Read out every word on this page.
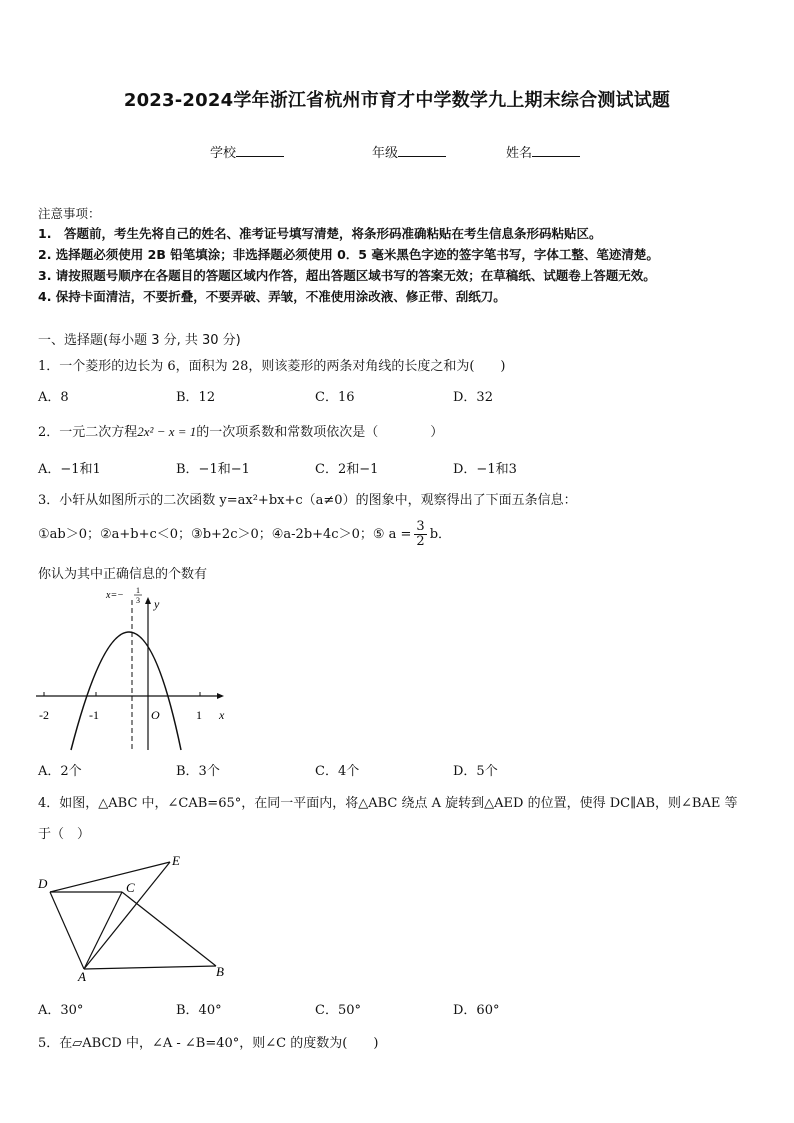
2023-2024学年浙江省杭州市育才中学数学九上期末综合测试试题
学校	年级	姓名
注意事项：
1.　答题前，考生先将自己的姓名、准考证号填写清楚，将条形码准确粘贴在考生信息条形码粘贴区。
2. 选择题必须使用 2B 铅笔填涂；非选择题必须使用 0．5 毫米黑色字迹的签字笔书写，字体工整、笔迹清楚。
3. 请按照题号顺序在各题目的答题区域内作答，超出答题区域书写的答案无效；在草稿纸、试题卷上答题无效。
4. 保持卡面清洁，不要折叠，不要弄破、弄皱，不准使用涂改液、修正带、刮纸刀。
一、选择题(每小题 3 分, 共 30 分)
1．一个菱形的边长为 6，面积为 28，则该菱形的两条对角线的长度之和为(　　)
A．8	B．12	C．16	D．32
2．一元二次方程2x² − x = 1的一次项系数和常数项依次是（　　　　）
A．−1和1	B．−1和−1	C．2和−1	D．−1和3
3．小轩从如图所示的二次函数 y=ax²+bx+c（a≠0）的图象中，观察得出了下面五条信息：
①ab＞0；②a+b+c＜0；③b+2c＞0；④a-2b+4c＞0；⑤ $a = \frac{3}{2}$ b．
你认为其中正确信息的个数有
-2	-1	1
O	x
y
x=− 1
3
A．2个	B．3个	C．4个	D．5个
4．如图，△ABC 中，∠CAB=65°，在同一平面内，将△ABC 绕点 A 旋转到△AED 的位置，使得 DC∥AB，则∠BAE 等
于（　）
D	C
E
A	B
A．30°	B．40°	C．50°	D．60°
5．在▱ABCD 中，∠A - ∠B=40°，则∠C 的度数为(　　)
